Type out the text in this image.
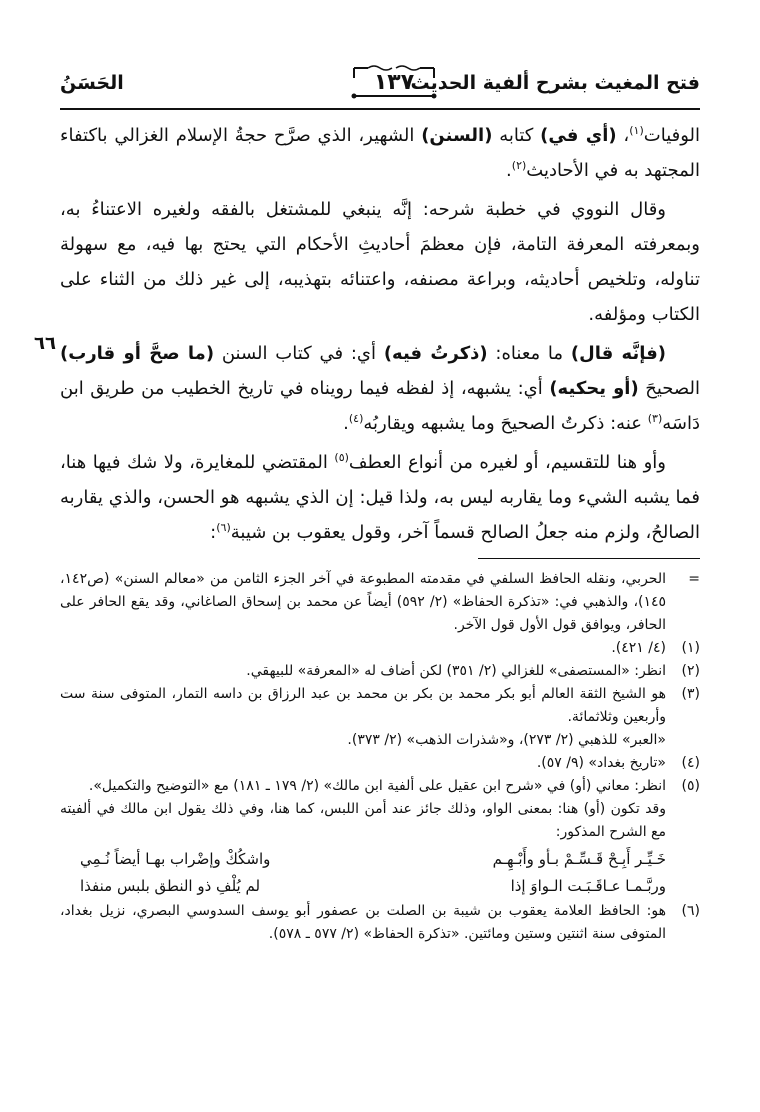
فتح المغيث بشرح ألفية الحديث
١٣٧
الحَسَنُ
٦٦

الوفيات$^{(١)}$، (أي في) كتابه (السنن) الشهير، الذي صرَّح حجةُ الإسلام الغزالي باكتفاء المجتهد به في الأحاديث$^{(٢)}$.

وقال النووي في خطبة شرحه: إنَّه ينبغي للمشتغل بالفقه ولغيره الاعتناءُ به، وبمعرفته المعرفة التامة، فإن معظمَ أحاديثِ الأحكام التي يحتج بها فيه، مع سهولة تناوله، وتلخيص أحاديثه، وبراعة مصنفه، واعتنائه بتهذيبه، إلى غير ذلك من الثناء على الكتاب ومؤلفه.

(فإنَّه قال) ما معناه: (ذكرتُ فيه) أي: في كتاب السنن (ما صحَّ أو قارب) الصحيحَ (أو يحكيه) أي: يشبهه، إذ لفظه فيما رويناه في تاريخ الخطيب من طريق ابن دَاسَه$^{(٣)}$ عنه: ذكرتُ الصحيحَ وما يشبهه ويقاربُه$^{(٤)}$.

وأو هنا للتقسيم، أو لغيره من أنواع العطف$^{(٥)}$ المقتضي للمغايرة، ولا شك فيها هنا، فما يشبه الشيء وما يقاربه ليس به، ولذا قيل: إن الذي يشبهه هو الحسن، والذي يقاربه الصالحُ، ولزم منه جعلُ الصالح قسماً آخر، وقول يعقوب بن شيبة$^{(٦)}$:

=

الحربي، ونقله الحافظ السلفي في مقدمته المطبوعة في آخر الجزء الثامن من «معالم السنن» (ص١٤٢، ١٤٥)، والذهبي في: «تذكرة الحفاظ» (٢/ ٥٩٢) أيضاً عن محمد بن إسحاق الصاغاني، وقد يقع الحافر على الحافر، ويوافق قول الأول قول الآخر.

(١)

(٤/ ٤٢١).

(٢)

انظر: «المستصفى» للغزالي (٢/ ٣٥١) لكن أضاف له «المعرفة» للبيهقي.

(٣)

هو الشيخ الثقة العالم أبو بكر محمد بن بكر بن محمد بن عبد الرزاق بن داسه التمار، المتوفى سنة ست وأربعين وثلاثمائة.

«العبر» للذهبي (٢/ ٢٧٣)، و«شذرات الذهب» (٢/ ٣٧٣).

(٤)

«تاريخ بغداد» (٩/ ٥٧).

(٥)

انظر: معاني (أو) في «شرح ابن عقيل على ألفية ابن مالك» (٢/ ١٧٩ ـ ١٨١) مع «التوضيح والتكميل».

وقد تكون (أو) هنا: بمعنى الواو، وذلك جائز عند أمن اللبس، كما هنا، وفي ذلك يقول ابن مالك في ألفيته مع الشرح المذكور:

خَـيِّـر أَبِـحْ قَـسِّـمْ بـأو وأَبْـهِـم
واشكُكْ وإضْراب بهـا أيضاً نُـمِي
وربَّـمـا عـاقَـبَـت الـواوَ إذا
لم يُلْفِ ذو النطق بلبس منفذا
(٦)

هو: الحافظ العلامة يعقوب بن شيبة بن الصلت بن عصفور أبو يوسف السدوسي البصري، نزيل بغداد، المتوفى سنة اثنتين وستين ومائتين. «تذكرة الحفاظ» (٢/ ٥٧٧ ـ ٥٧٨).
